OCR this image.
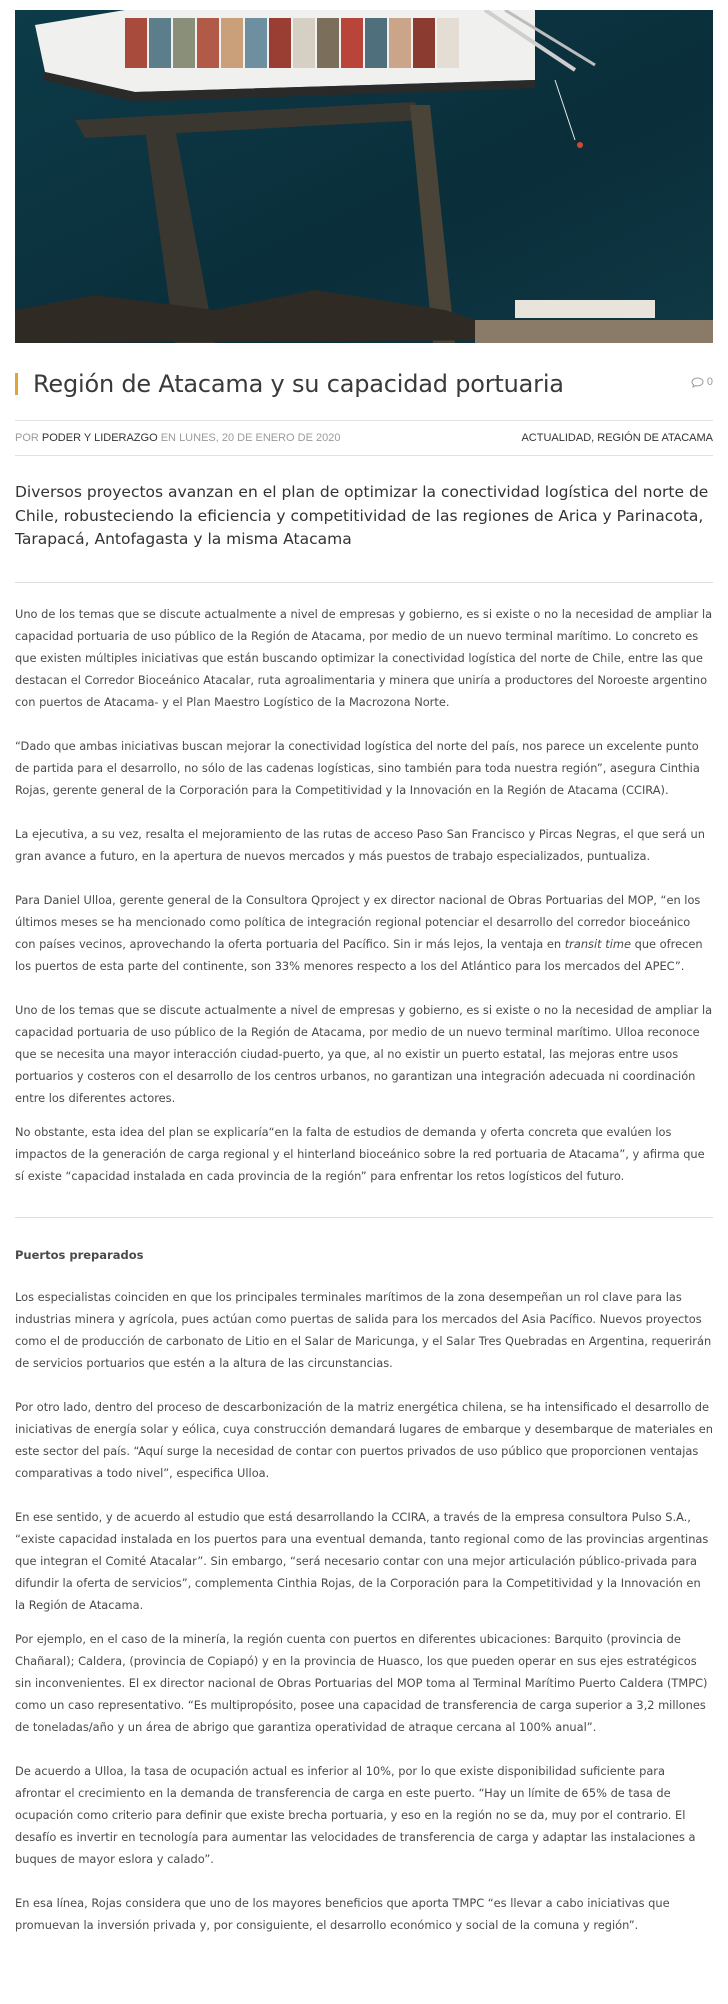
Región de Atacama y su capacidad portuaria	0
POR PODER Y LIDERAZGO EN LUNES, 20 DE ENERO DE 2020	ACTUALIDAD, REGIÓN DE ATACAMA

Diversos proyectos avanzan en el plan de optimizar la conectividad logística del norte de Chile, robusteciendo la eficiencia y competitividad de las regiones de Arica y Parinacota, Tarapacá, Antofagasta y la misma Atacama

Uno de los temas que se discute actualmente a nivel de empresas y gobierno, es si existe o no la necesidad de ampliar la capacidad portuaria de uso público de la Región de Atacama, por medio de un nuevo terminal marítimo. Lo concreto es que existen múltiples iniciativas que están buscando optimizar la conectividad logística del norte de Chile, entre las que destacan el Corredor Bioceánico Atacalar, ruta agroalimentaria y minera que uniría a productores del Noroeste argentino con puertos de Atacama- y el Plan Maestro Logístico de la Macrozona Norte.

“Dado que ambas iniciativas buscan mejorar la conectividad logística del norte del país, nos parece un excelente punto de partida para el desarrollo, no sólo de las cadenas logísticas, sino también para toda nuestra región”, asegura Cinthia Rojas, gerente general de la Corporación para la Competitividad y la Innovación en la Región de Atacama (CCIRA).

La ejecutiva, a su vez, resalta el mejoramiento de las rutas de acceso Paso San Francisco y Pircas Negras, el que será un gran avance a futuro, en la apertura de nuevos mercados y más puestos de trabajo especializados, puntualiza.

Para Daniel Ulloa, gerente general de la Consultora Qproject y ex director nacional de Obras Portuarias del MOP, “en los últimos meses se ha mencionado como política de integración regional potenciar el desarrollo del corredor bioceánico con países vecinos, aprovechando la oferta portuaria del Pacífico. Sin ir más lejos, la ventaja en transit time que ofrecen los puertos de esta parte del continente, son 33% menores respecto a los del Atlántico para los mercados del APEC”.

Uno de los temas que se discute actualmente a nivel de empresas y gobierno, es si existe o no la necesidad de ampliar la capacidad portuaria de uso público de la Región de Atacama, por medio de un nuevo terminal marítimo. Ulloa reconoce que se necesita una mayor interacción ciudad-puerto, ya que, al no existir un puerto estatal, las mejoras entre usos portuarios y costeros con el desarrollo de los centros urbanos, no garantizan una integración adecuada ni coordinación entre los diferentes actores.

No obstante, esta idea del plan se explicaría“en la falta de estudios de demanda y oferta concreta que evalúen los impactos de la generación de carga regional y el hinterland bioceánico sobre la red portuaria de Atacama”, y afirma que sí existe “capacidad instalada en cada provincia de la región” para enfrentar los retos logísticos del futuro.

Puertos preparados

Los especialistas coinciden en que los principales terminales marítimos de la zona desempeñan un rol clave para las industrias minera y agrícola, pues actúan como puertas de salida para los mercados del Asia Pacífico. Nuevos proyectos como el de producción de carbonato de Litio en el Salar de Maricunga, y el Salar Tres Quebradas en Argentina, requerirán de servicios portuarios que estén a la altura de las circunstancias.

Por otro lado, dentro del proceso de descarbonización de la matriz energética chilena, se ha intensificado el desarrollo de iniciativas de energía solar y eólica, cuya construcción demandará lugares de embarque y desembarque de materiales en este sector del país. “Aquí surge la necesidad de contar con puertos privados de uso público que proporcionen ventajas comparativas a todo nivel”, especifica Ulloa.

En ese sentido, y de acuerdo al estudio que está desarrollando la CCIRA, a través de la empresa consultora Pulso S.A., “existe capacidad instalada en los puertos para una eventual demanda, tanto regional como de las provincias argentinas que integran el Comité Atacalar”. Sin embargo, “será necesario contar con una mejor articulación público-privada para difundir la oferta de servicios”, complementa Cinthia Rojas, de la Corporación para la Competitividad y la Innovación en la Región de Atacama.

Por ejemplo, en el caso de la minería, la región cuenta con puertos en diferentes ubicaciones: Barquito (provincia de Chañaral); Caldera, (provincia de Copiapó) y en la provincia de Huasco, los que pueden operar en sus ejes estratégicos sin inconvenientes. El ex director nacional de Obras Portuarias del MOP toma al Terminal Marítimo Puerto Caldera (TMPC) como un caso representativo. “Es multipropósito, posee una capacidad de transferencia de carga superior a 3,2 millones de toneladas/año y un área de abrigo que garantiza operatividad de atraque cercana al 100% anual”.

De acuerdo a Ulloa, la tasa de ocupación actual es inferior al 10%, por lo que existe disponibilidad suficiente para afrontar el crecimiento en la demanda de transferencia de carga en este puerto. “Hay un límite de 65% de tasa de ocupación como criterio para definir que existe brecha portuaria, y eso en la región no se da, muy por el contrario. El desafío es invertir en tecnología para aumentar las velocidades de transferencia de carga y adaptar las instalaciones a buques de mayor eslora y calado”.

En esa línea, Rojas considera que uno de los mayores beneficios que aporta TMPC “es llevar a cabo iniciativas que promuevan la inversión privada y, por consiguiente, el desarrollo económico y social de la comuna y región”.
